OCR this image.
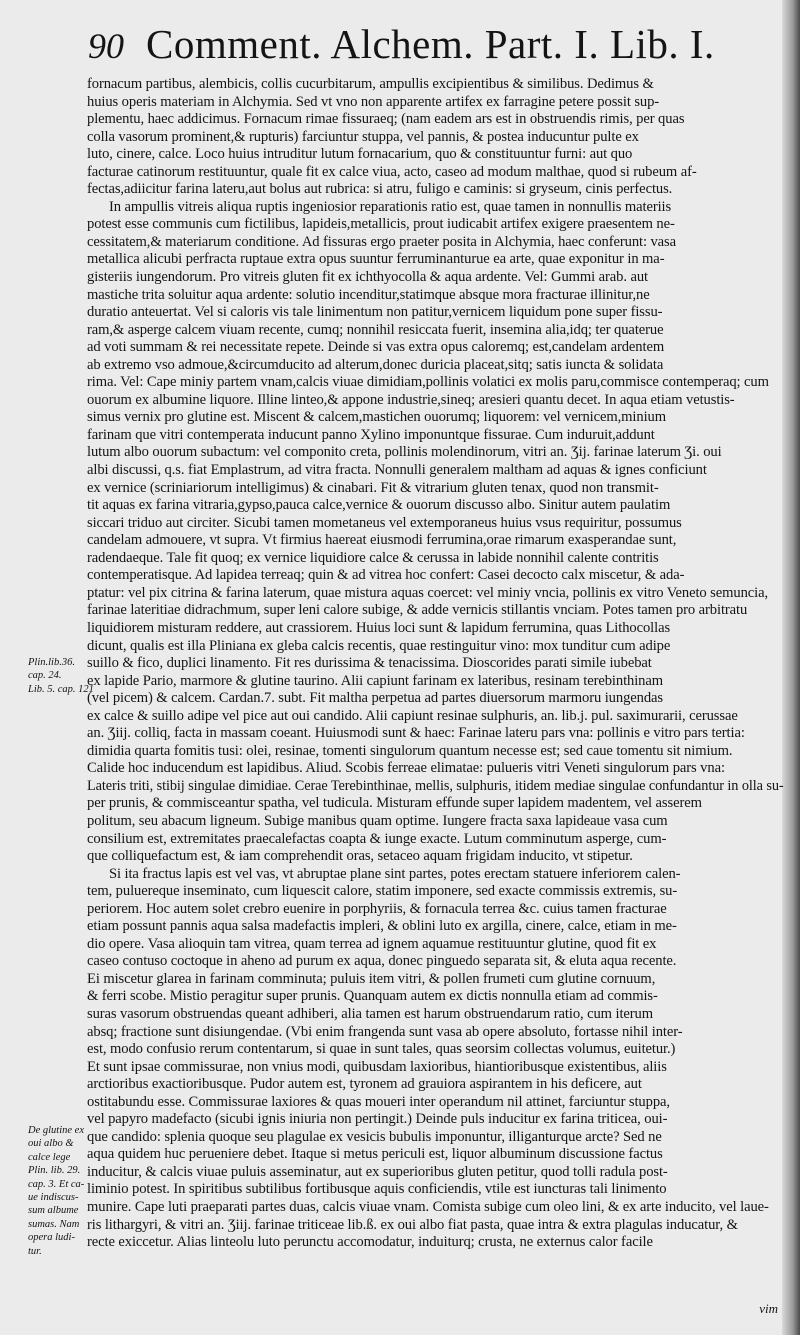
90 Comment. Alchem. Part. I. Lib. I.
fornacum partibus, alembicis, collis cucurbitarum, ampullis excipientibus & similibus. Dedimus &
huius operis materiam in Alchymia. Sed vt vno non apparente artifex ex farragine petere possit sup-
plementu, haec addicimus. Fornacum rimae fissuraeq; (nam eadem ars est in obstruendis rimis, per quas
colla vasorum prominent,& rupturis) farciuntur stuppa, vel pannis, & postea inducuntur pulte ex
luto, cinere, calce. Loco huius intruditur lutum fornacarium, quo & constituuntur furni: aut quo
facturae catinorum restituuntur, quale fit ex calce viua, acto, caseo ad modum malthae, quod si rubeum af-
fectas,adiicitur farina lateru,aut bolus aut rubrica: si atru, fuligo e caminis: si gryseum, cinis perfectus.
In ampullis vitreis aliqua ruptis ingeniosior reparationis ratio est, quae tamen in nonnullis materiis
potest esse communis cum fictilibus, lapideis,metallicis, prout iudicabit artifex exigere praesentem ne-
cessitatem,& materiarum conditione. Ad fissuras ergo praeter posita in Alchymia, haec conferunt: vasa
metallica alicubi perfracta ruptaue extra opus suuntur ferruminanturue ea arte, quae exponitur in ma-
gisteriis iungendorum. Pro vitreis gluten fit ex ichthyocolla & aqua ardente. Vel: Gummi arab. aut
mastiche trita soluitur aqua ardente: solutio incenditur,statimque absque mora fracturae illinitur,ne
duratio anteuertat. Vel si caloris vis tale linimentum non patitur,vernicem liquidum pone super fissu-
ram,& asperge calcem viuam recente, cumq; nonnihil resiccata fuerit, insemina alia,idq; ter quaterue
ad voti summam & rei necessitate repete. Deinde si vas extra opus caloremq; est,candelam ardentem
ab extremo vso admoue,&circumducito ad alterum,donec duricia placeat,sitq; satis iuncta & solidata
rima. Vel: Cape miniy partem vnam,calcis viuae dimidiam,pollinis volatici ex molis paru,commisce contemperaq; cum
ouorum ex albumine liquore. Illine linteo,& appone industrie,sineq; aresieri quantu decet. In aqua etiam vetustis-
simus vernix pro glutine est. Miscent & calcem,mastichen ouorumq; liquorem: vel vernicem,minium
farinam que vitri contemperata inducunt panno Xylino imponuntque fissurae. Cum induruit,addunt
lutum albo ouorum subactum: vel componito creta, pollinis molendinorum, vitri an. Ʒij. farinae laterum Ʒi. oui
albi discussi, q.s. fiat Emplastrum, ad vitra fracta. Nonnulli generalem maltham ad aquas & ignes conficiunt
ex vernice (scriniariorum intelligimus) & cinabari. Fit & vitrarium gluten tenax, quod non transmit-
tit aquas ex farina vitraria,gypso,pauca calce,vernice & ouorum discusso albo. Sinitur autem paulatim
siccari triduo aut circiter. Sicubi tamen mometaneus vel extemporaneus huius vsus requiritur, possumus
candelam admouere, vt supra. Vt firmius haereat eiusmodi ferrumina,orae rimarum exasperandae sunt,
radendaeque. Tale fit quoq; ex vernice liquidiore calce & cerussa in labide nonnihil calente contritis
contemperatisque. Ad lapidea terreaq; quin & ad vitrea hoc confert: Casei decocto calx miscetur, & ada-
ptatur: vel pix citrina & farina laterum, quae mistura aquas coercet: vel miniy vncia, pollinis ex vitro Veneto semuncia,
farinae lateritiae didrachmum, super leni calore subige, & adde vernicis stillantis vnciam. Potes tamen pro arbitratu
liquidiorem misturam reddere, aut crassiorem. Huius loci sunt & lapidum ferrumina, quas Lithocollas
dicunt, qualis est illa Pliniana ex gleba calcis recentis, quae restinguitur vino: mox tunditur cum adipe
suillo & fico, duplici linamento. Fit res durissima & tenacissima. Dioscorides parati simile iubebat
ex lapide Pario, marmore & glutine taurino. Alii capiunt farinam ex lateribus, resinam terebinthinam
(vel picem) & calcem. Cardan.7. subt. Fit maltha perpetua ad partes diuersorum marmoru iungendas
ex calce & suillo adipe vel pice aut oui candido. Alii capiunt resinae sulphuris, an. lib.j. pul. saximurarii, cerussae
an. Ʒiij. colliq, facta in massam coeant. Huiusmodi sunt & haec: Farinae lateru pars vna: pollinis e vitro pars tertia:
dimidia quarta fomitis tusi: olei, resinae, tomenti singulorum quantum necesse est; sed caue tomentu sit nimium.
Calide hoc inducendum est lapidibus. Aliud. Scobis ferreae elimatae: pulueris vitri Veneti singulorum pars vna:
Lateris triti, stibij singulae dimidiae. Cerae Terebinthinae, mellis, sulphuris, itidem mediae singulae confundantur in olla su-
per prunis, & commisceantur spatha, vel tudicula. Misturam effunde super lapidem madentem, vel asserem
politum, seu abacum ligneum. Subige manibus quam optime. Iungere fracta saxa lapideaue vasa cum
consilium est, extremitates praecalefactas coapta & iunge exacte. Lutum comminutum asperge, cum-
que colliquefactum est, & iam comprehendit oras, setaceo aquam frigidam inducito, vt stipetur.
Si ita fractus lapis est vel vas, vt abruptae plane sint partes, potes erectam statuere inferiorem calen-
tem, puluereque inseminato, cum liquescit calore, statim imponere, sed exacte commissis extremis, su-
periorem. Hoc autem solet crebro euenire in porphyriis, & fornacula terrea &c. cuius tamen fracturae
etiam possunt pannis aqua salsa madefactis impleri, & oblini luto ex argilla, cinere, calce, etiam in me-
dio opere. Vasa alioquin tam vitrea, quam terrea ad ignem aquamue restituuntur glutine, quod fit ex
caseo contuso coctoque in aheno ad purum ex aqua, donec pinguedo separata sit, & eluta aqua recente.
Ei miscetur glarea in farinam comminuta; puluis item vitri, & pollen frumeti cum glutine cornuum,
& ferri scobe. Mistio peragitur super prunis. Quanquam autem ex dictis nonnulla etiam ad commis-
suras vasorum obstruendas queant adhiberi, alia tamen est harum obstruendarum ratio, cum iterum
absq; fractione sunt disiungendae. (Vbi enim frangenda sunt vasa ab opere absoluto, fortasse nihil inter-
est, modo confusio rerum contentarum, si quae in sunt tales, quas seorsim collectas volumus, euitetur.)
Et sunt ipsae commissurae, non vnius modi, quibusdam laxioribus, hiantioribusque existentibus, aliis
arctioribus exactioribusque. Pudor autem est, tyronem ad grauiora aspirantem in his deficere, aut
ostitabundu esse. Commissurae laxiores & quas moueri inter operandum nil attinet, farciuntur stuppa,
vel papyro madefacto (sicubi ignis iniuria non pertingit.) Deinde puls inducitur ex farina triticea, oui-
que candido: splenia quoque seu plagulae ex vesicis bubulis imponuntur, illiganturque arcte? Sed ne
aqua quidem huc perueniere debet. Itaque si metus periculi est, liquor albuminum discussione factus
inducitur, & calcis viuae puluis asseminatur, aut ex superioribus gluten petitur, quod tolli radula post-
liminio potest. In spiritibus subtilibus fortibusque aquis conficiendis, vtile est iuncturas tali linimento
munire. Cape luti praeparati partes duas, calcis viuae vnam. Comista subige cum oleo lini, & ex arte inducito, vel laue-
ris lithargyri, & vitri an. Ʒiij. farinae triticeae lib.ß. ex oui albo fiat pasta, quae intra & extra plagulas inducatur, &
recte exiccetur. Alias linteolu luto perunctu accomodatur, induiturq; crusta, ne externus calor facile
Plin.lib.36.
cap. 24.
Lib. 5. cap. 121
De glutine ex
oui albo &
calce lege
Plin. lib. 29.
cap. 3. Et ca-
ue indiscus-
sum albume
sumas. Nam
opera ludi-
tur.
vim
